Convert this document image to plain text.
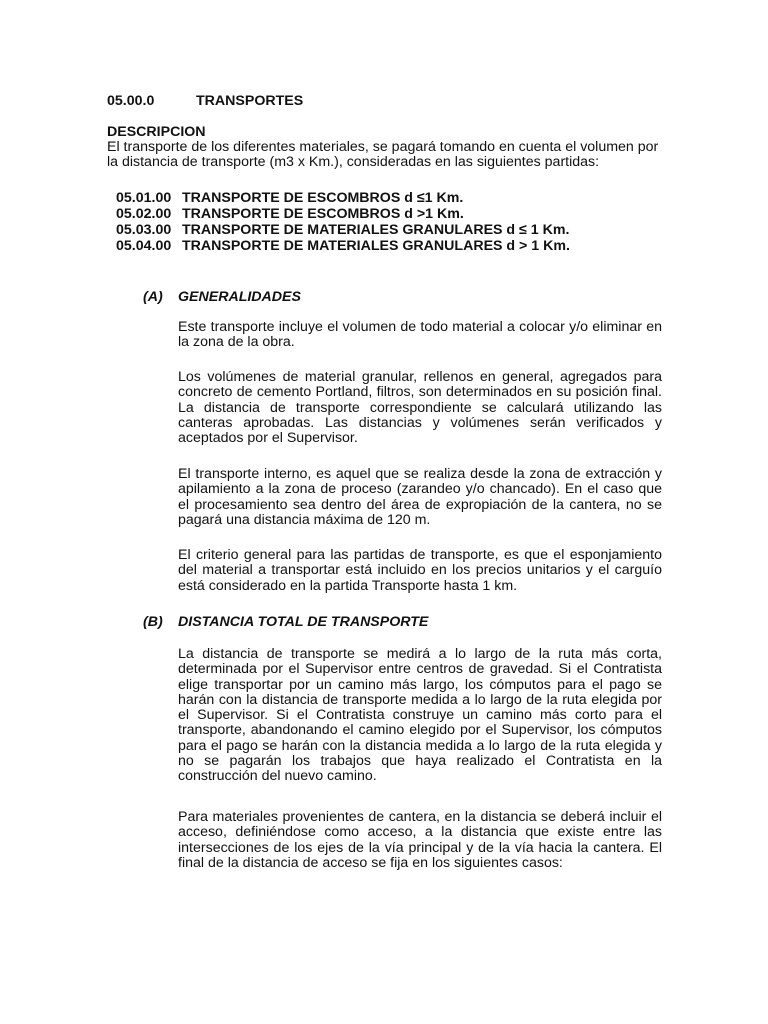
05.00.0	TRANSPORTES
DESCRIPCION
El transporte de los diferentes materiales, se pagará tomando en cuenta el volumen por la distancia de transporte (m3 x Km.), consideradas en las siguientes partidas:
05.01.00 TRANSPORTE DE ESCOMBROS d ≤1 Km.
05.02.00 TRANSPORTE DE ESCOMBROS d >1 Km.
05.03.00 TRANSPORTE DE MATERIALES GRANULARES d ≤ 1 Km.
05.04.00 TRANSPORTE DE MATERIALES GRANULARES d > 1 Km.
(A) GENERALIDADES
Este transporte incluye el volumen de todo material a colocar y/o eliminar en la zona de la obra.
Los volúmenes de material granular, rellenos en general, agregados para concreto de cemento Portland, filtros, son determinados en su posición final. La distancia de transporte correspondiente se calculará utilizando las canteras aprobadas. Las distancias y volúmenes serán verificados y aceptados por el Supervisor.
El transporte interno, es aquel que se realiza desde la zona de extracción y apilamiento a la zona de proceso (zarandeo y/o chancado). En el caso que el procesamiento sea dentro del área de expropiación de la cantera, no se pagará una distancia máxima de 120 m.
El criterio general para las partidas de transporte, es que el esponjamiento del material a transportar está incluido en los precios unitarios y el carguío está considerado en la partida Transporte hasta 1 km.
(B) DISTANCIA TOTAL DE TRANSPORTE
La distancia de transporte se medirá a lo largo de la ruta más corta, determinada por el Supervisor entre centros de gravedad. Si el Contratista elige transportar por un camino más largo, los cómputos para el pago se harán con la distancia de transporte medida a lo largo de la ruta elegida por el Supervisor. Si el Contratista construye un camino más corto para el transporte, abandonando el camino elegido por el Supervisor, los cómputos para el pago se harán con la distancia medida a lo largo de la ruta elegida y no se pagarán los trabajos que haya realizado el Contratista en la construcción del nuevo camino.
Para materiales provenientes de cantera, en la distancia se deberá incluir el acceso, definiéndose como acceso, a la distancia que existe entre las intersecciones de los ejes de la vía principal y de la vía hacia la cantera. El final de la distancia de acceso se fija en los siguientes casos:
